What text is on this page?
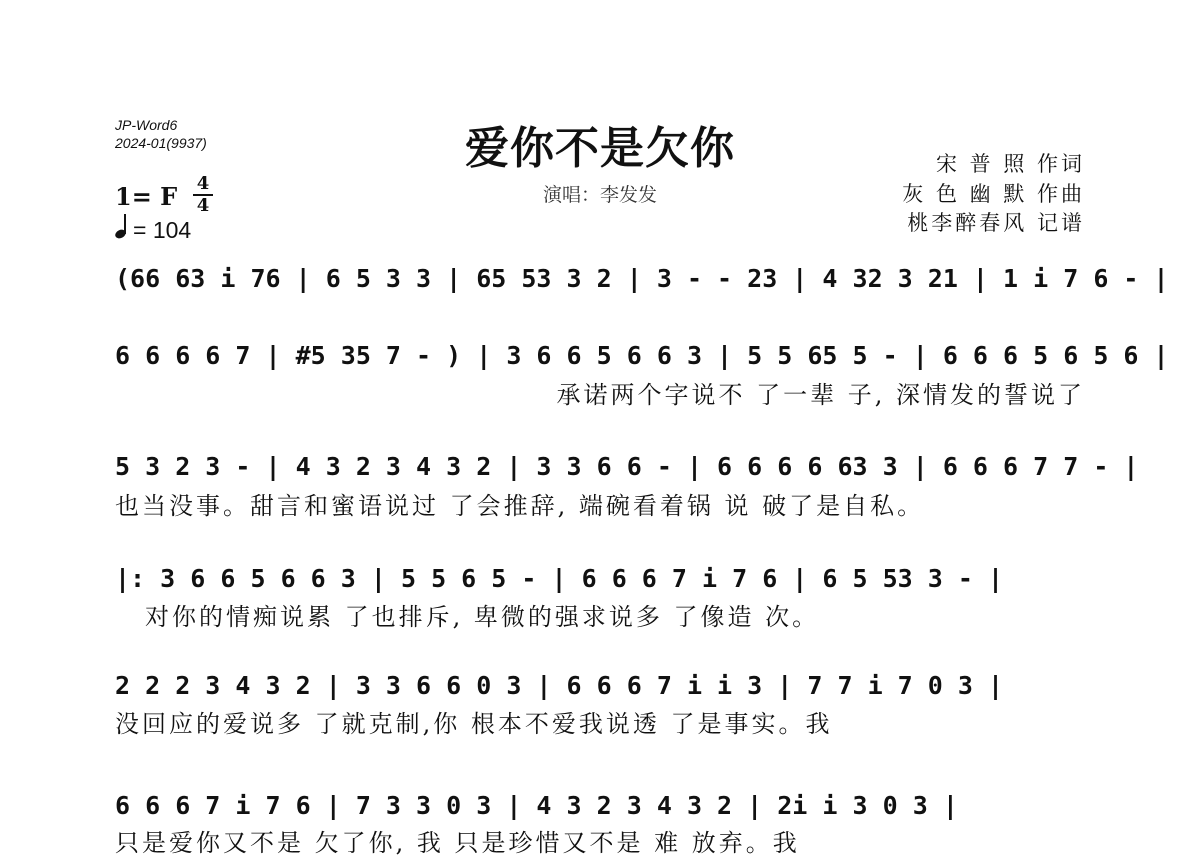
JP-Word6
2024-01(9937)	爱你不是欠你
演唱：李发发
宋 普 照 作词
灰 色 幽 默 作曲
桃李醉春风 记谱
1= F 4
4
= 104
(66 63 i 76 | 6 5 3 3 | 65 53 3 2 | 3 - - 23 | 4 32 3 21 | 1 i 7 6 - |
6 6 6 6 7 | #5 35 7 - ) | 3 6 6 5 6 6 3 | 5 5 65 5 - | 6 6 6 5 6 5 6 |
承诺两个字说不 了一辈 子, 深情发的誓说了
5 3 2 3 - | 4 3 2 3 4 3 2 | 3 3 6 6 - | 6 6 6 6 63 3 | 6 6 6 7 7 - |
也当没事。甜言和蜜语说过 了会推辞, 端碗看着锅 说 破了是自私。
|: 3 6 6 5 6 6 3 | 5 5 6 5 - | 6 6 6 7 i 7 6 | 6 5 53 3 - |
对你的情痴说累 了也排斥, 卑微的强求说多 了像造 次。
2 2 2 3 4 3 2 | 3 3 6 6 0 3 | 6 6 6 7 i i 3 | 7 7 i 7 0 3 |
没回应的爱说多 了就克制,你 根本不爱我说透 了是事实。我
6 6 6 7 i 7 6 | 7 3 3 0 3 | 4 3 2 3 4 3 2 | 2i i 3 0 3 |
只是爱你又不是 欠了你, 我 只是珍惜又不是 难 放弃。我
